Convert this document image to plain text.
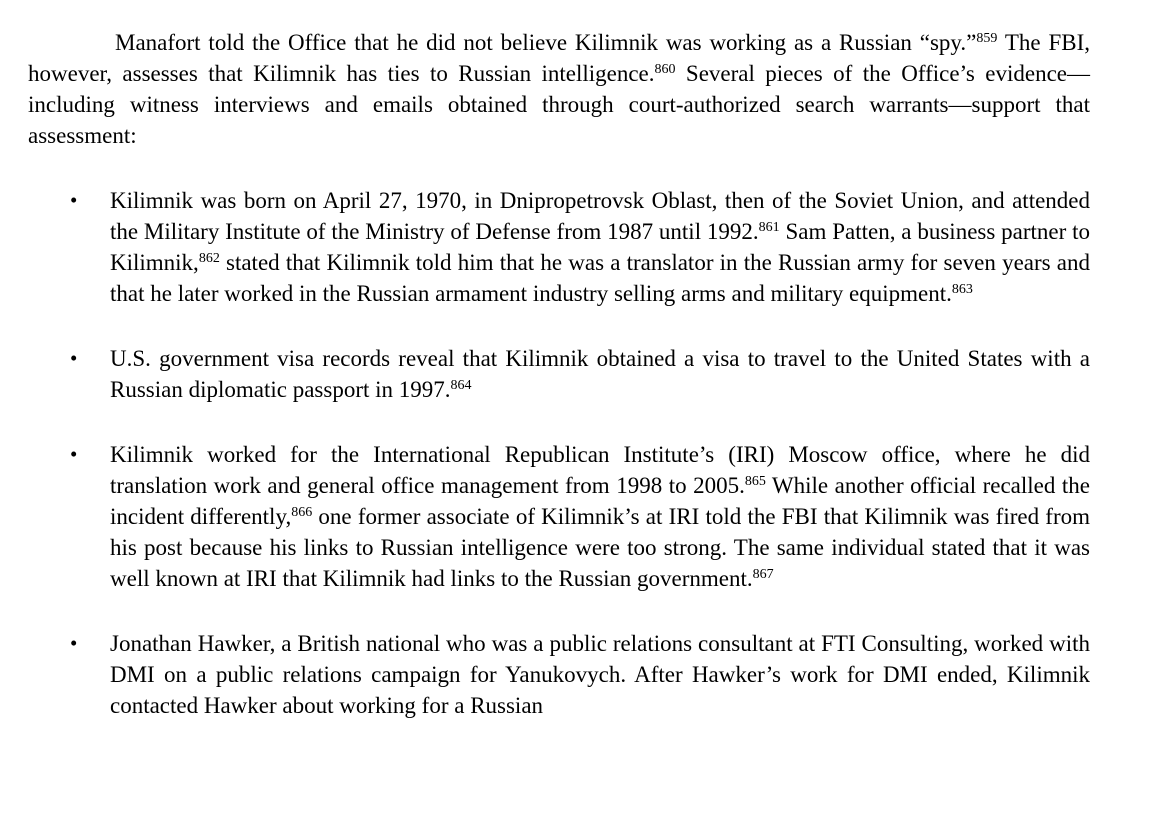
Manafort told the Office that he did not believe Kilimnik was working as a Russian “spy.”$^{859}$ The FBI, however, assesses that Kilimnik has ties to Russian intelligence.$^{860}$ Several pieces of the Office’s evidence—including witness interviews and emails obtained through court-authorized search warrants—support that assessment:

• Kilimnik was born on April 27, 1970, in Dnipropetrovsk Oblast, then of the Soviet Union, and attended the Military Institute of the Ministry of Defense from 1987 until 1992.$^{861}$ Sam Patten, a business partner to Kilimnik,$^{862}$ stated that Kilimnik told him that he was a translator in the Russian army for seven years and that he later worked in the Russian armament industry selling arms and military equipment.$^{863}$
• U.S. government visa records reveal that Kilimnik obtained a visa to travel to the United States with a Russian diplomatic passport in 1997.$^{864}$
• Kilimnik worked for the International Republican Institute’s (IRI) Moscow office, where he did translation work and general office management from 1998 to 2005.$^{865}$ While another official recalled the incident differently,$^{866}$ one former associate of Kilimnik’s at IRI told the FBI that Kilimnik was fired from his post because his links to Russian intelligence were too strong. The same individual stated that it was well known at IRI that Kilimnik had links to the Russian government.$^{867}$
• Jonathan Hawker, a British national who was a public relations consultant at FTI Consulting, worked with DMI on a public relations campaign for Yanukovych. After Hawker’s work for DMI ended, Kilimnik contacted Hawker about working for a Russian
